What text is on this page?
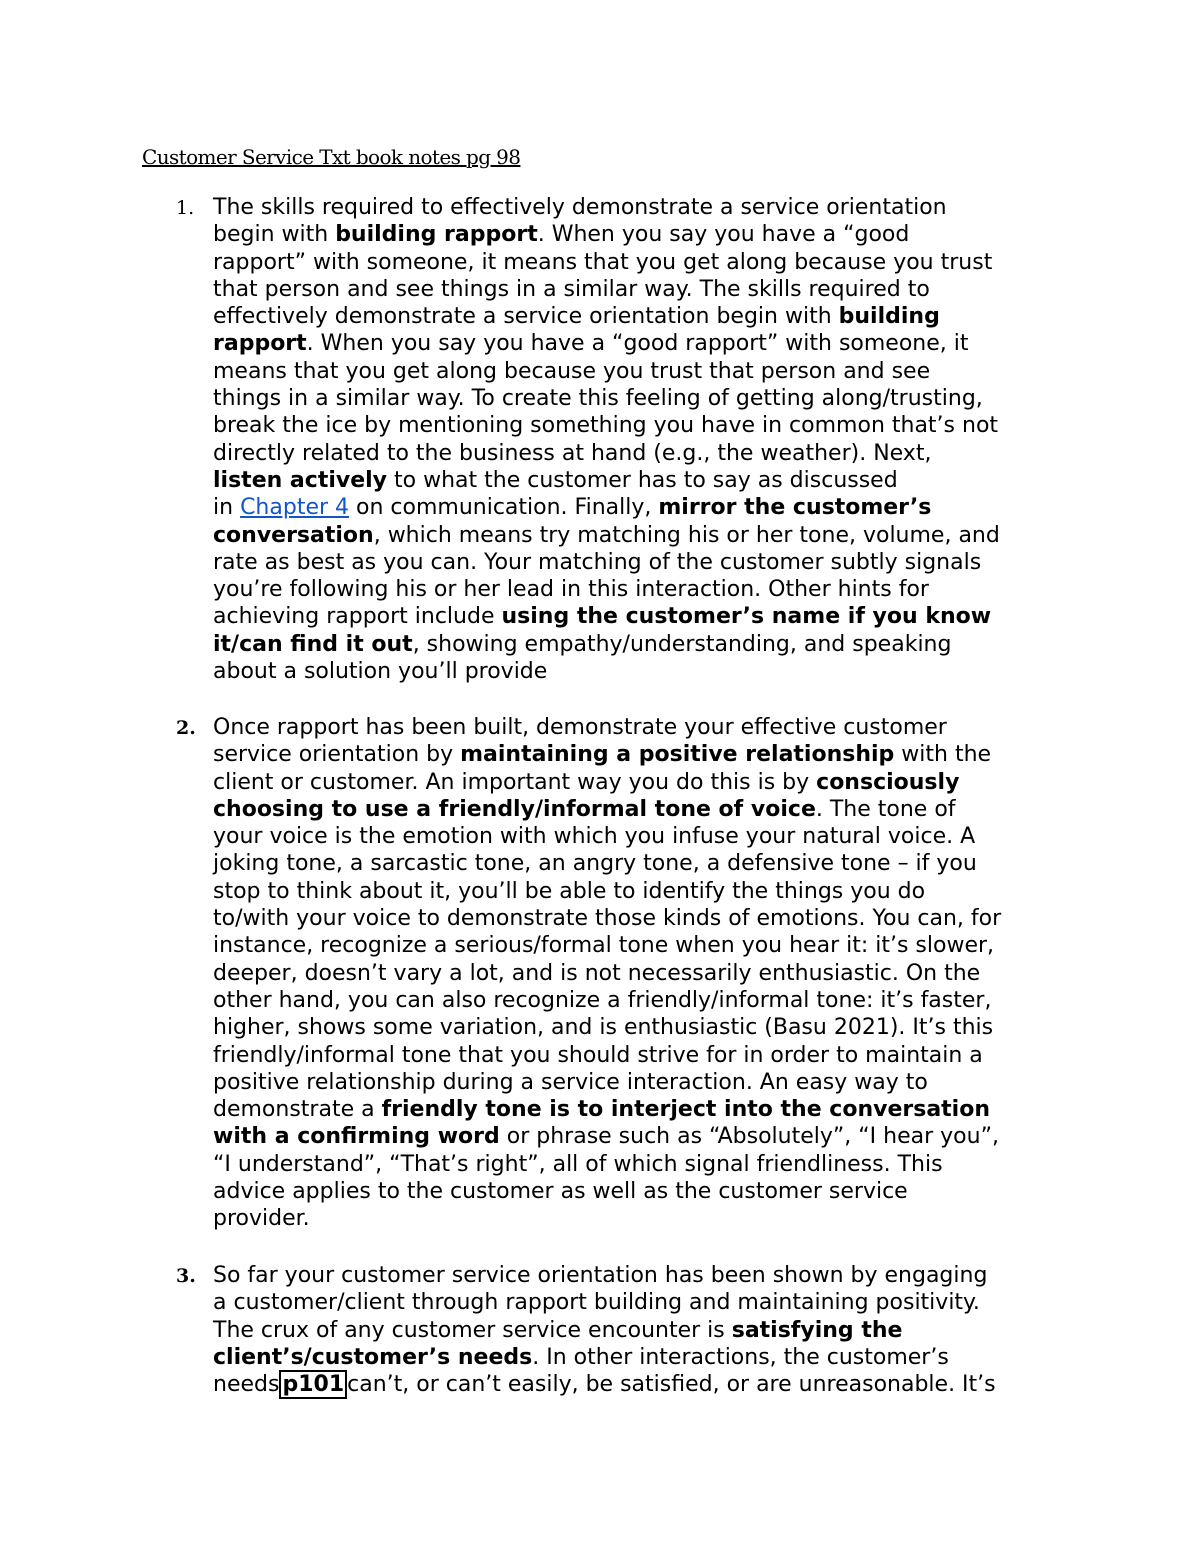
Customer Service Txt book notes pg 98
1. The skills required to effectively demonstrate a service orientation
begin with building rapport. When you say you have a “good
rapport” with someone, it means that you get along because you trust
that person and see things in a similar way. The skills required to
effectively demonstrate a service orientation begin with building
rapport. When you say you have a “good rapport” with someone, it
means that you get along because you trust that person and see
things in a similar way. To create this feeling of getting along/trusting,
break the ice by mentioning something you have in common that’s not
directly related to the business at hand (e.g., the weather). Next,
listen actively to what the customer has to say as discussed
in Chapter 4 on communication. Finally, mirror the customer’s
conversation, which means try matching his or her tone, volume, and
rate as best as you can. Your matching of the customer subtly signals
you’re following his or her lead in this interaction. Other hints for
achieving rapport include using the customer’s name if you know
it/can find it out, showing empathy/understanding, and speaking
about a solution you’ll provide
2. Once rapport has been built, demonstrate your effective customer
service orientation by maintaining a positive relationship with the
client or customer. An important way you do this is by consciously
choosing to use a friendly/informal tone of voice. The tone of
your voice is the emotion with which you infuse your natural voice. A
joking tone, a sarcastic tone, an angry tone, a defensive tone – if you
stop to think about it, you’ll be able to identify the things you do
to/with your voice to demonstrate those kinds of emotions. You can, for
instance, recognize a serious/formal tone when you hear it: it’s slower,
deeper, doesn’t vary a lot, and is not necessarily enthusiastic. On the
other hand, you can also recognize a friendly/informal tone: it’s faster,
higher, shows some variation, and is enthusiastic (Basu 2021). It’s this
friendly/informal tone that you should strive for in order to maintain a
positive relationship during a service interaction. An easy way to
demonstrate a friendly tone is to interject into the conversation
with a confirming word or phrase such as “Absolutely”, “I hear you”,
“I understand”, “That’s right”, all of which signal friendliness. This
advice applies to the customer as well as the customer service
provider.
3. So far your customer service orientation has been shown by engaging
a customer/client through rapport building and maintaining positivity.
The crux of any customer service encounter is satisfying the
client’s/customer’s needs. In other interactions, the customer’s
needs p101 can’t, or can’t easily, be satisfied, or are unreasonable. It’s
